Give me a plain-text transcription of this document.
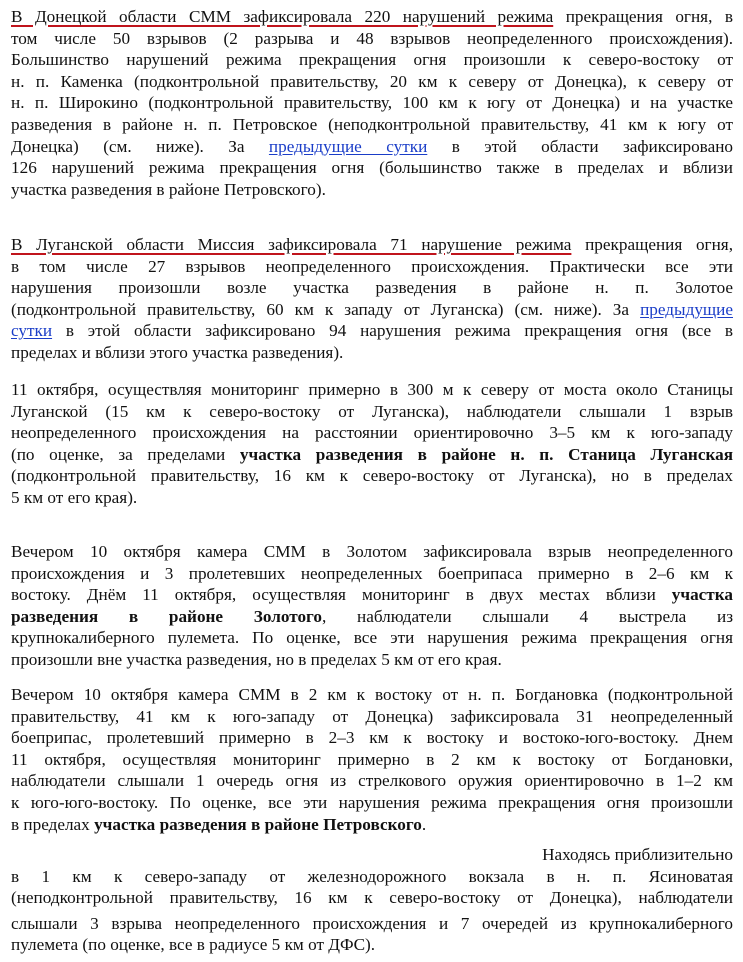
В Донецкой области СММ зафиксировала 220 нарушений режима прекращения огня, в
том числе 50 взрывов (2 разрыва и 48 взрывов неопределенного происхождения).
Большинство нарушений режима прекращения огня произошли к северо-востоку от
н. п. Каменка (подконтрольной правительству, 20 км к северу от Донецка), к северу от
н. п. Широкино (подконтрольной правительству, 100 км к югу от Донецка) и на участке
разведения в районе н. п. Петровское (неподконтрольной правительству, 41 км к югу от
Донецка) (см. ниже). За предыдущие сутки в этой области зафиксировано
126 нарушений режима прекращения огня (большинство также в пределах и вблизи
участка разведения в районе Петровского).
В Луганской области Миссия зафиксировала 71 нарушение режима прекращения огня,
в том числе 27 взрывов неопределенного происхождения. Практически все эти
нарушения произошли возле участка разведения в районе н. п. Золотое
(подконтрольной правительству, 60 км к западу от Луганска) (см. ниже). За предыдущие
сутки в этой области зафиксировано 94 нарушения режима прекращения огня (все в
пределах и вблизи этого участка разведения).
11 октября, осуществляя мониторинг примерно в 300 м к северу от моста около Станицы
Луганской (15 км к северо-востоку от Луганска), наблюдатели слышали 1 взрыв
неопределенного происхождения на расстоянии ориентировочно 3–5 км к юго-западу
(по оценке, за пределами участка разведения в районе н. п. Станица Луганская
(подконтрольной правительству, 16 км к северо-востоку от Луганска), но в пределах
5 км от его края).
Вечером 10 октября камера СММ в Золотом зафиксировала взрыв неопределенного
происхождения и 3 пролетевших неопределенных боеприпаса примерно в 2–6 км к
востоку. Днём 11 октября, осуществляя мониторинг в двух местах вблизи участка
разведения в районе Золотого, наблюдатели слышали 4 выстрела из
крупнокалиберного пулемета. По оценке, все эти нарушения режима прекращения огня
произошли вне участка разведения, но в пределах 5 км от его края.
Вечером 10 октября камера СММ в 2 км к востоку от н. п. Богдановка (подконтрольной
правительству, 41 км к юго-западу от Донецка) зафиксировала 31 неопределенный
боеприпас, пролетевший примерно в 2–3 км к востоку и востоко-юго-востоку. Днем
11 октября, осуществляя мониторинг примерно в 2 км к востоку от Богдановки,
наблюдатели слышали 1 очередь огня из стрелкового оружия ориентировочно в 1–2 км
к юго-юго-востоку. По оценке, все эти нарушения режима прекращения огня произошли
в пределах участка разведения в районе Петровского.
Находясь приблизительно
в 1 км к северо-западу от железнодорожного вокзала в н. п. Ясиноватая
(неподконтрольной правительству, 16 км к северо-востоку от Донецка), наблюдатели
слышали 3 взрыва неопределенного происхождения и 7 очередей из крупнокалиберного
пулемета (по оценке, все в радиусе 5 км от ДФС).
